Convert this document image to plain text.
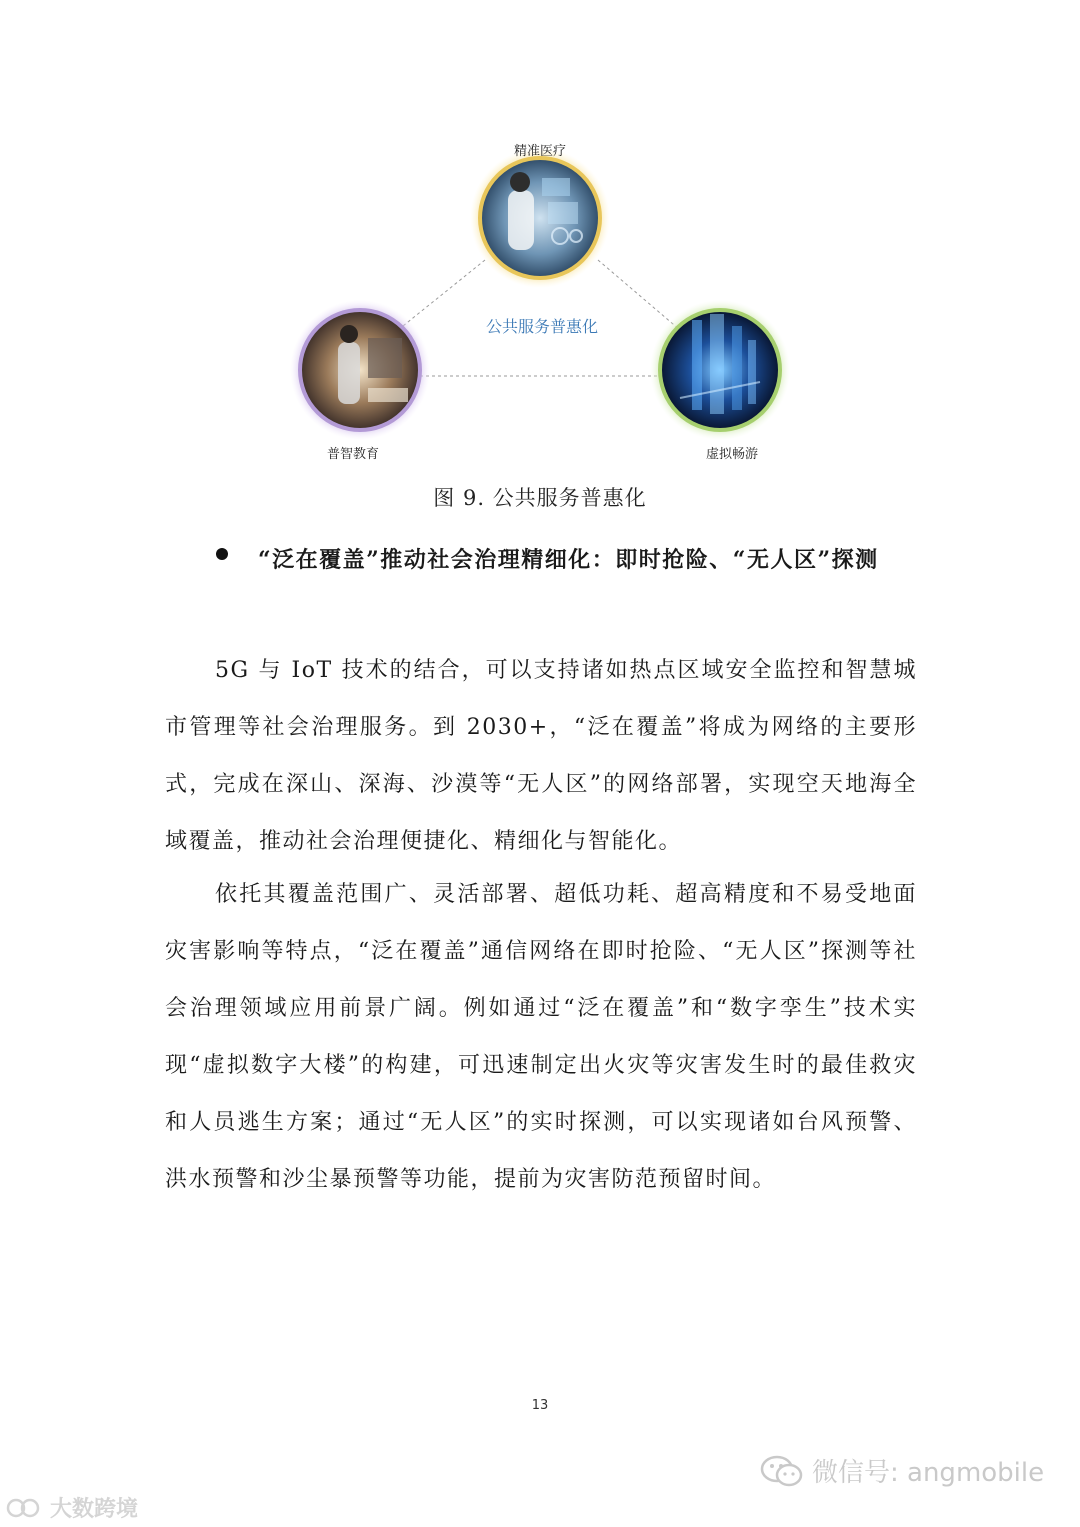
精准医疗
公共服务普惠化
普智教育	虚拟畅游
图 9. 公共服务普惠化
“泛在覆盖”推动社会治理精细化：即时抢险、“无人区”探测

5G 与 IoT 技术的结合，可以支持诸如热点区域安全监控和智慧城市管理等社会治理服务。到 2030+，“泛在覆盖”将成为网络的主要形式，完成在深山、深海、沙漠等“无人区”的网络部署，实现空天地海全域覆盖，推动社会治理便捷化、精细化与智能化。

依托其覆盖范围广、灵活部署、超低功耗、超高精度和不易受地面灾害影响等特点，“泛在覆盖”通信网络在即时抢险、“无人区”探测等社会治理领域应用前景广阔。例如通过“泛在覆盖”和“数字孪生”技术实现“虚拟数字大楼”的构建，可迅速制定出火灾等灾害发生时的最佳救灾和人员逃生方案；通过“无人区”的实时探测，可以实现诸如台风预警、洪水预警和沙尘暴预警等功能，提前为灾害防范预留时间。

13
微信号: angmobile
大数跨境
